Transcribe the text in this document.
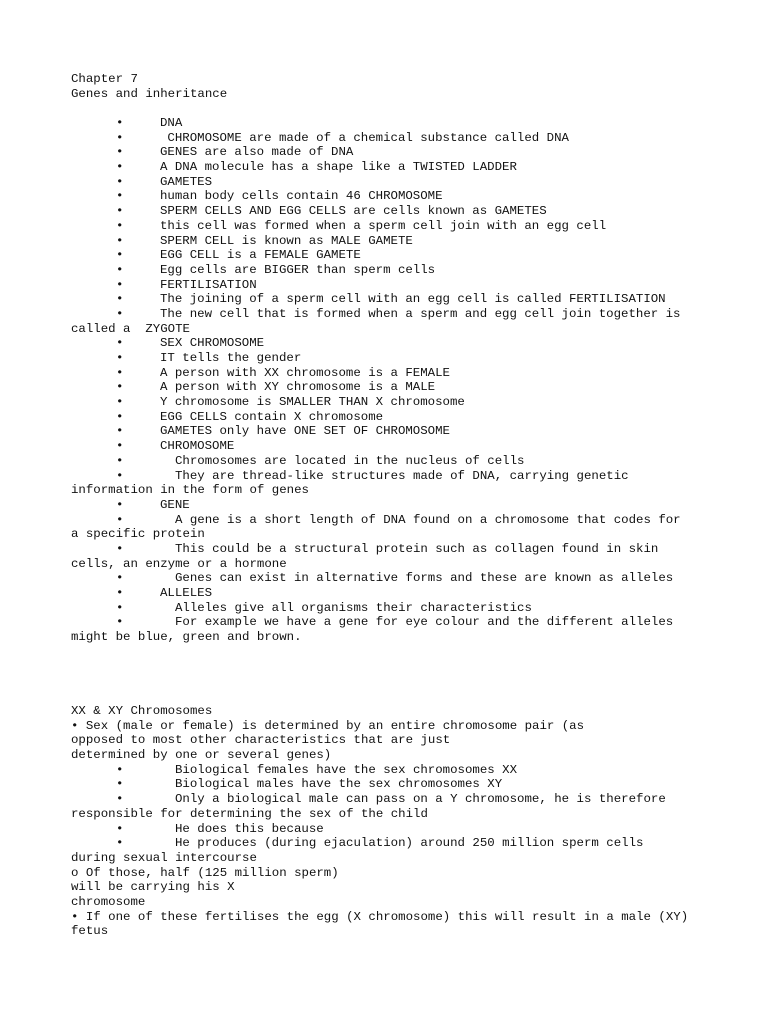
Chapter 7
Genes and inheritance
•	DNA
•	CHROMOSOME are made of a chemical substance called DNA
•	GENES are also made of DNA
•	A DNA molecule has a shape like a TWISTED LADDER
•	GAMETES
•	human body cells contain 46 CHROMOSOME
•	SPERM CELLS AND EGG CELLS are cells known as GAMETES
•	this cell was formed when a sperm cell join with an egg cell
•	SPERM CELL is known as MALE GAMETE
•	EGG CELL is a FEMALE GAMETE
•	Egg cells are BIGGER than sperm cells
•	FERTILISATION
•	The joining of a sperm cell with an egg cell is called FERTILISATION
•	The new cell that is formed when a sperm and egg cell join together is
called a  ZYGOTE
•	SEX CHROMOSOME
•	IT tells the gender
•	A person with XX chromosome is a FEMALE
•	A person with XY chromosome is a MALE
•	Y chromosome is SMALLER THAN X chromosome
•	EGG CELLS contain X chromosome
•	GAMETES only have ONE SET OF CHROMOSOME
•	CHROMOSOME
•	Chromosomes are located in the nucleus of cells
•	They are thread-like structures made of DNA, carrying genetic
information in the form of genes
•	GENE
•	A gene is a short length of DNA found on a chromosome that codes for
a specific protein
•	This could be a structural protein such as collagen found in skin
cells, an enzyme or a hormone
•	Genes can exist in alternative forms and these are known as alleles
•	ALLELES
•	Alleles give all organisms their characteristics
•	For example we have a gene for eye colour and the different alleles
might be blue, green and brown.
XX & XY Chromosomes
• Sex (male or female) is determined by an entire chromosome pair (as
opposed to most other characteristics that are just
determined by one or several genes)
•	Biological females have the sex chromosomes XX
•	Biological males have the sex chromosomes XY
•	Only a biological male can pass on a Y chromosome, he is therefore
responsible for determining the sex of the child
•	He does this because
•	He produces (during ejaculation) around 250 million sperm cells
during sexual intercourse
o Of those, half (125 million sperm)
will be carrying his X
chromosome
• If one of these fertilises the egg (X chromosome) this will result in a male (XY)
fetus
